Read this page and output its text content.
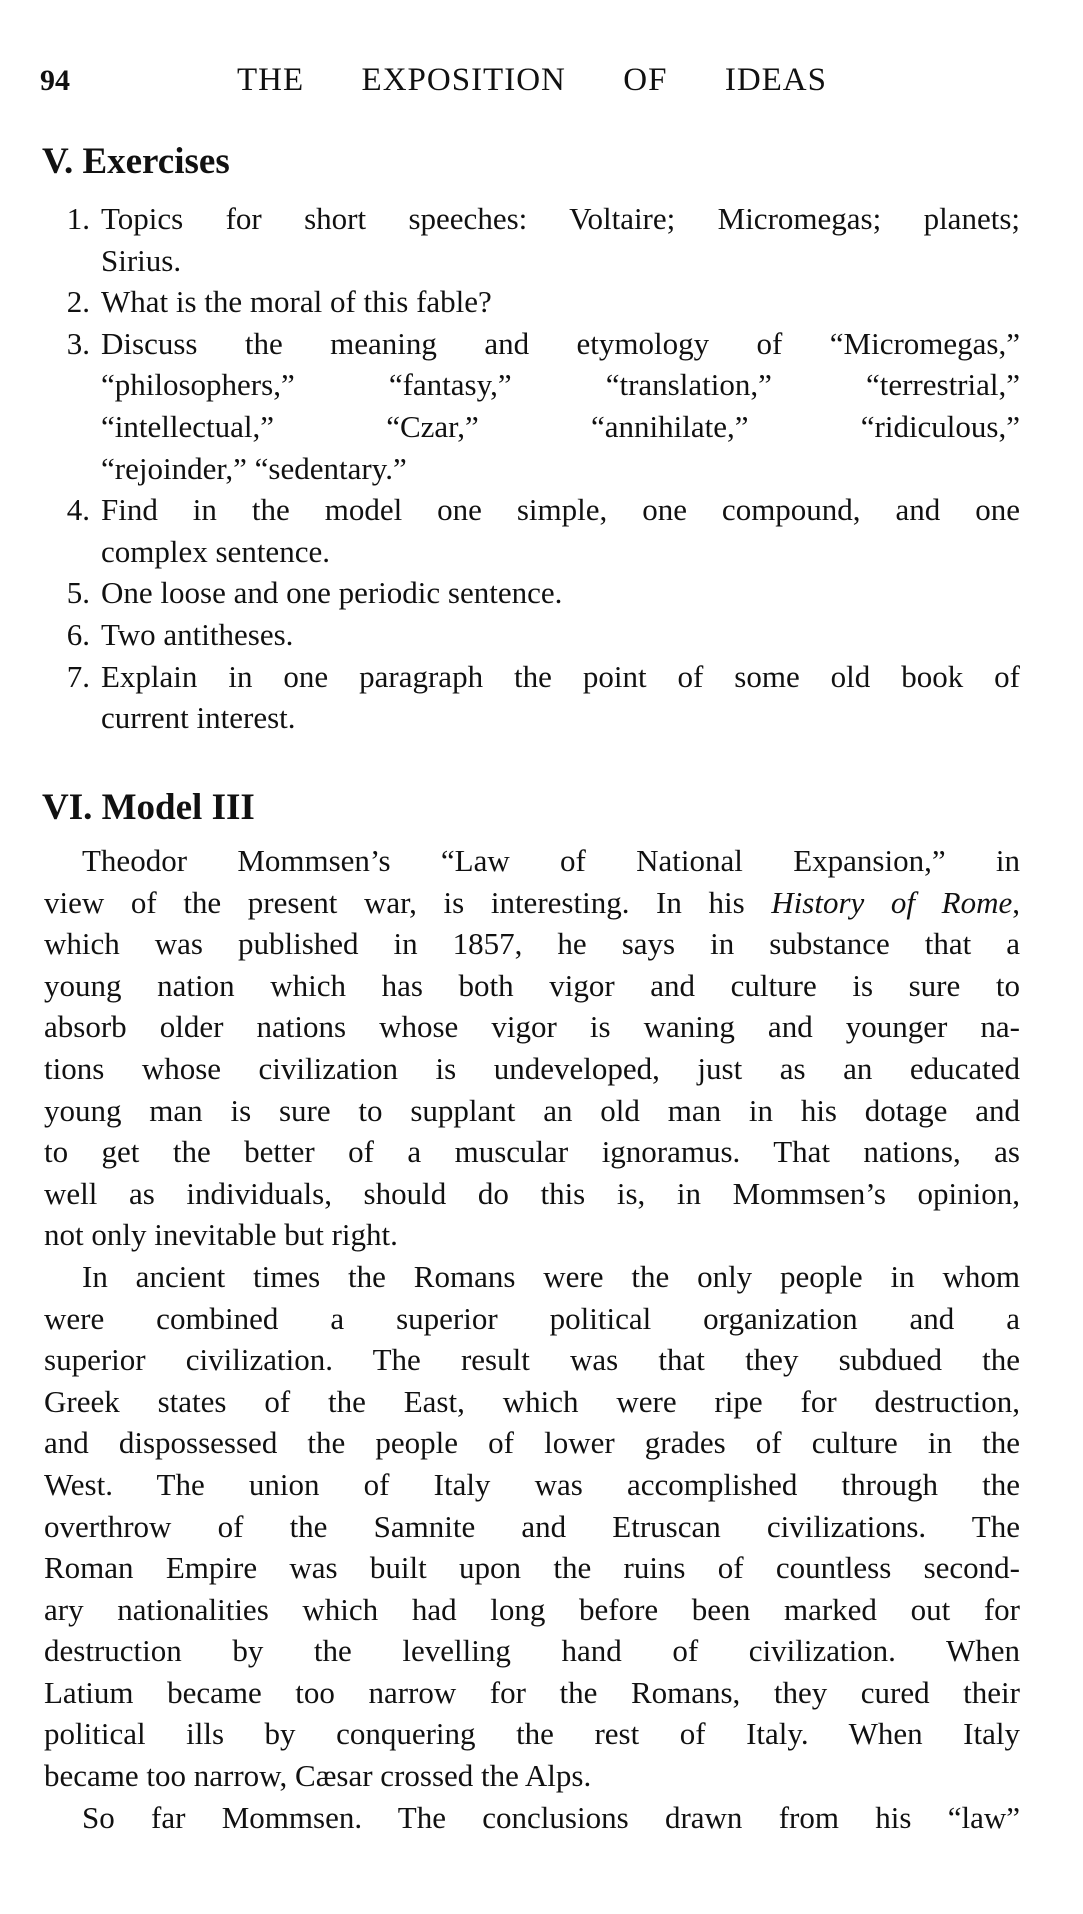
94	THE EXPOSITION OF IDEAS
V. Exercises
1. Topics for short speeches: Voltaire; Micromegas; planets;
Sirius.
2. What is the moral of this fable?
3. Discuss the meaning and etymology of “Micromegas,”
“philosophers,” “fantasy,” “translation,” “terrestrial,”
“intellectual,” “Czar,” “annihilate,” “ridiculous,”
“rejoinder,” “sedentary.”
4. Find in the model one simple, one compound, and one
complex sentence.
5. One loose and one periodic sentence.
6. Two antitheses.
7. Explain in one paragraph the point of some old book of
current interest.
VI. Model III
Theodor Mommsen’s “Law of National Expansion,” in
view of the present war, is interesting. In his History of Rome,
which was published in 1857, he says in substance that a
young nation which has both vigor and culture is sure to
absorb older nations whose vigor is waning and younger na-
tions whose civilization is undeveloped, just as an educated
young man is sure to supplant an old man in his dotage and
to get the better of a muscular ignoramus. That nations, as
well as individuals, should do this is, in Mommsen’s opinion,
not only inevitable but right.
In ancient times the Romans were the only people in whom
were combined a superior political organization and a
superior civilization. The result was that they subdued the
Greek states of the East, which were ripe for destruction,
and dispossessed the people of lower grades of culture in the
West. The union of Italy was accomplished through the
overthrow of the Samnite and Etruscan civilizations. The
Roman Empire was built upon the ruins of countless second-
ary nationalities which had long before been marked out for
destruction by the levelling hand of civilization. When
Latium became too narrow for the Romans, they cured their
political ills by conquering the rest of Italy. When Italy
became too narrow, Cæsar crossed the Alps.
So far Mommsen. The conclusions drawn from his “law”
